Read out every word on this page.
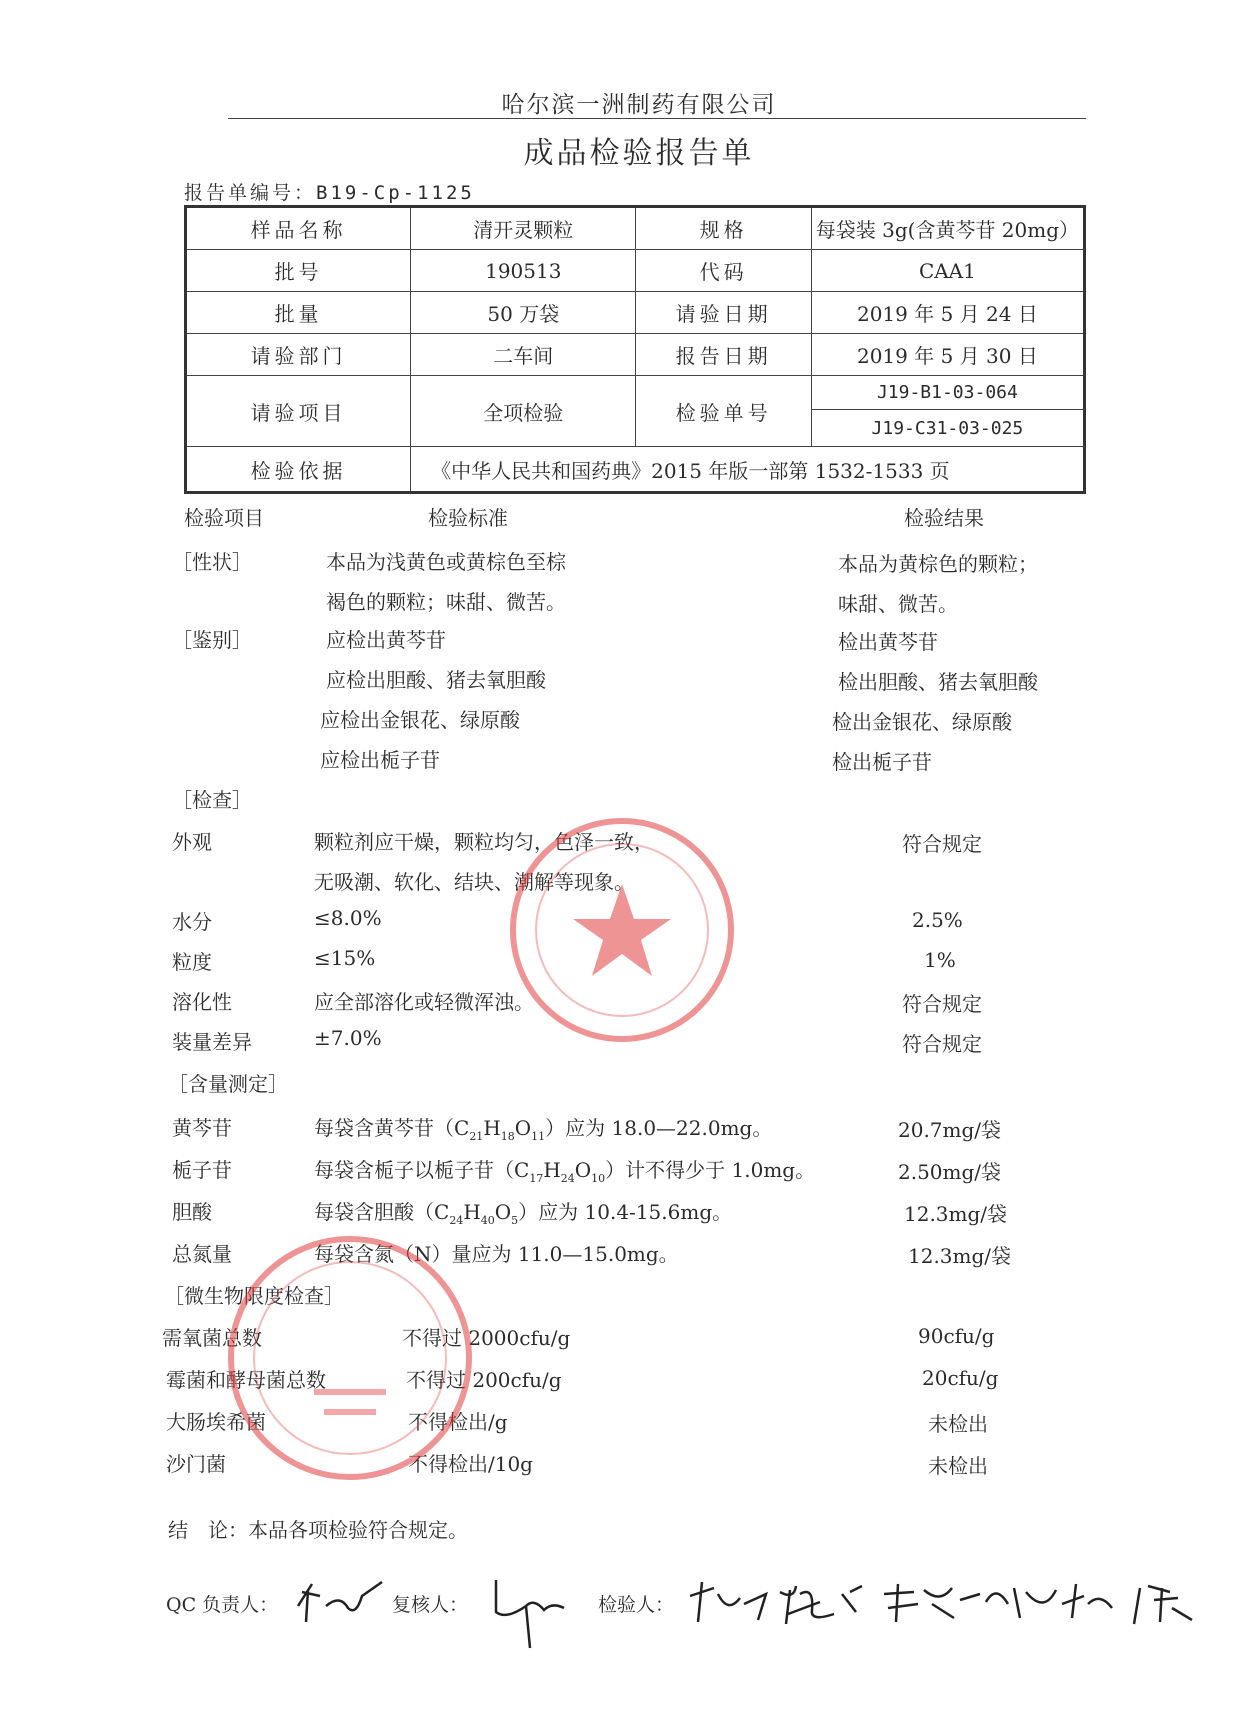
哈尔滨一洲制药有限公司
成品检验报告单
报告单编号：B19-Cp-1125
样品名称	清开灵颗粒	规格	每袋装 3g(含黄芩苷 20mg）
批号	190513	代码	CAA1
批量	50 万袋	请验日期	2019 年 5 月 24 日
请验部门	二车间	报告日期	2019 年 5 月 30 日
请验项目	全项检验	检验单号	J19-B1-03-064
			J19-C31-03-025
检验依据	《中华人民共和国药典》2015 年版一部第 1532-1533 页		
检验项目	检验标准	检验结果
［性状］	本品为浅黄色或黄棕色至棕	本品为黄棕色的颗粒；
褐色的颗粒；味甜、微苦。	味甜、微苦。
［鉴别］	应检出黄芩苷	检出黄芩苷
应检出胆酸、猪去氧胆酸	检出胆酸、猪去氧胆酸
应检出金银花、绿原酸	检出金银花、绿原酸
应检出栀子苷	检出栀子苷
［检查］
外观	颗粒剂应干燥，颗粒均匀，色泽一致，	符合规定
无吸潮、软化、结块、潮解等现象。
水分	≤8.0%	2.5%
粒度	≤15%	1%
溶化性	应全部溶化或轻微浑浊。	符合规定
装量差异	±7.0%	符合规定
［含量测定］
黄芩苷	每袋含黄芩苷$(C_{21}H_{18}O_{11})$应为 18.0—22.0mg。	20.7mg/袋
栀子苷	每袋含栀子以栀子苷$(C_{17}H_{24}O_{10})$计不得少于 1.0mg。	2.50mg/袋
胆酸	每袋含胆酸$(C_{24}H_{40}O_5)$应为 10.4-15.6mg。	12.3mg/袋
总氮量	每袋含氮（N）量应为 11.0—15.0mg。	12.3mg/袋
［微生物限度检查］
需氧菌总数	不得过 2000cfu/g	90cfu/g
霉菌和酵母菌总数	不得过 200cfu/g	20cfu/g
大肠埃希菌	不得检出/g	未检出
沙门菌	不得检出/10g	未检出
结　论：本品各项检验符合规定。
QC 负责人：	复核人：	检验人：
